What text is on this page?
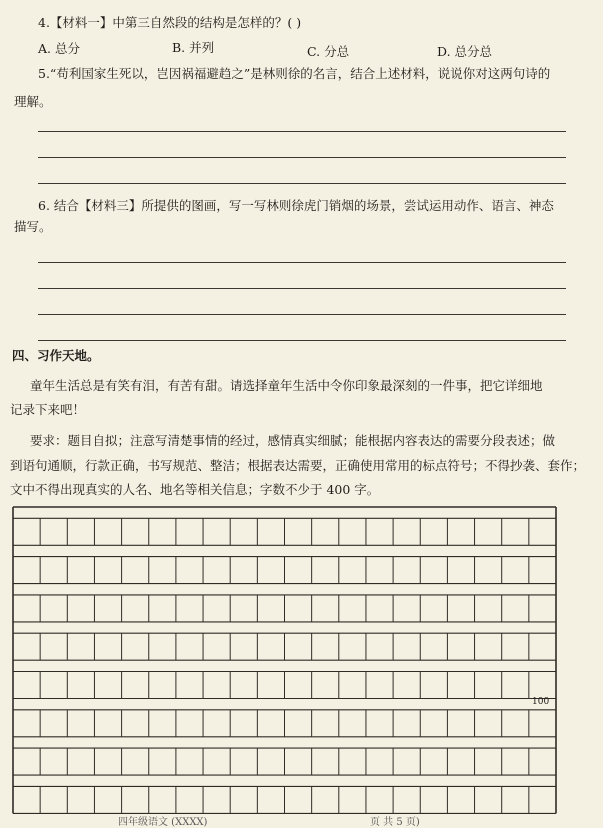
4.【材料一】中第三自然段的结构是怎样的？( )
A. 总分	B. 并列	C. 分总	D. 总分总
5.“苟利国家生死以，岂因祸福避趋之”是林则徐的名言，结合上述材料，说说你对这两句诗的
理解。
6. 结合【材料三】所提供的图画，写一写林则徐虎门销烟的场景，尝试运用动作、语言、神态
描写。
四、习作天地。
童年生活总是有笑有泪，有苦有甜。请选择童年生活中令你印象最深刻的一件事，把它详细地
记录下来吧！
要求：题目自拟；注意写清楚事情的经过，感情真实细腻；能根据内容表达的需要分段表述；做
到语句通顺，行款正确，书写规范、整洁；根据表达需要，正确使用常用的标点符号；不得抄袭、套作；
文中不得出现真实的人名、地名等相关信息；字数不少于 400 字。
100
四年级语文 (XXXX)	页 共 5 页)
